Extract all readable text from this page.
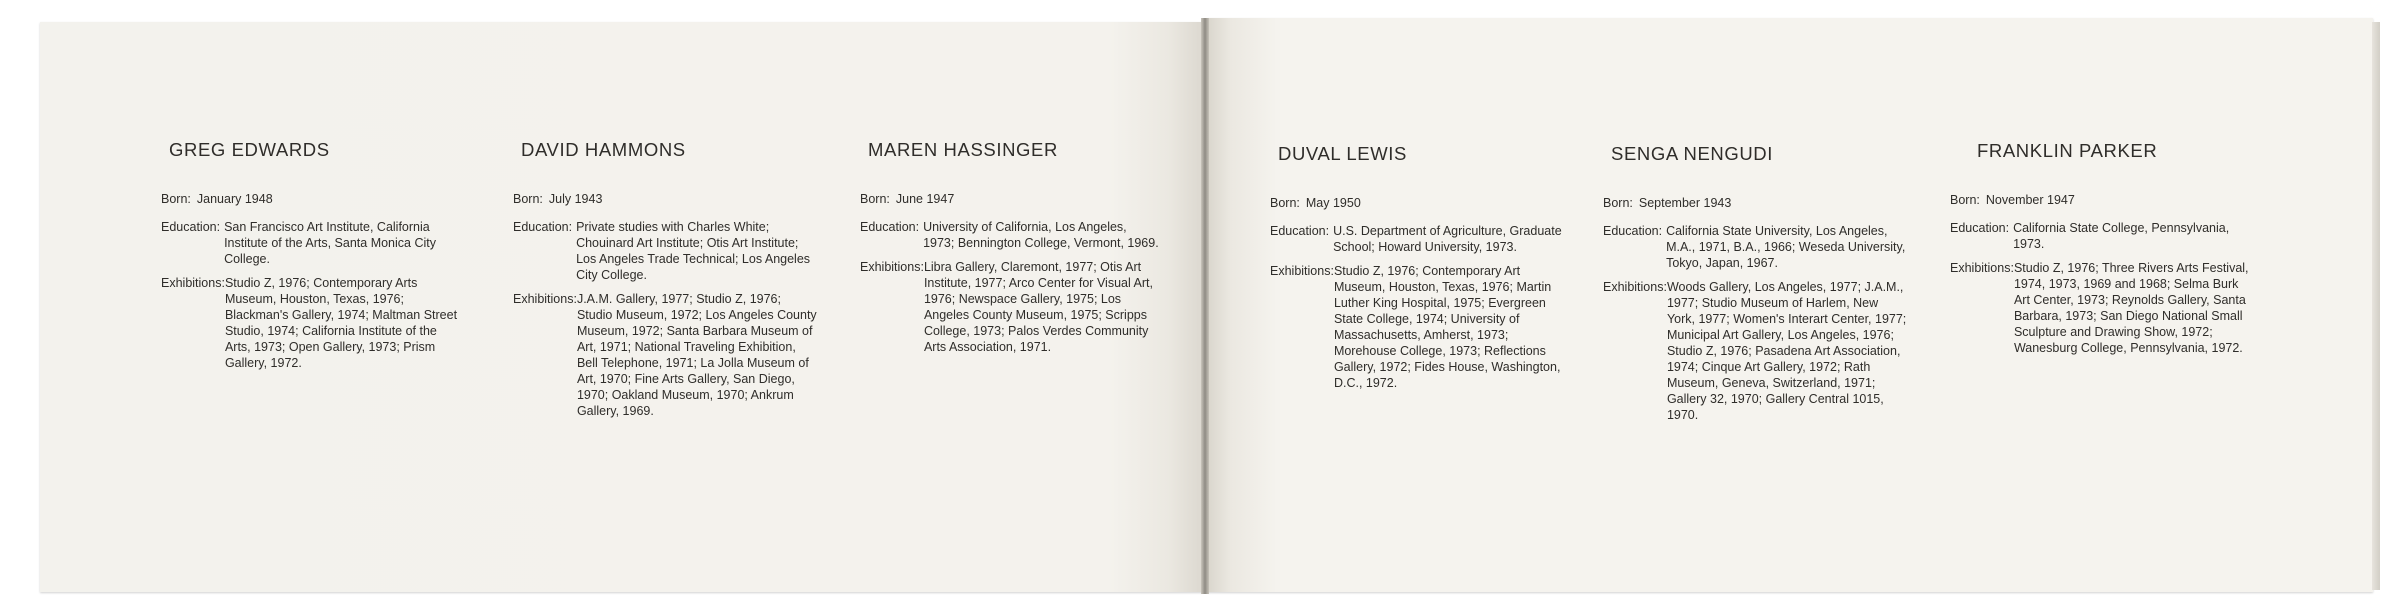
GREG EDWARDS
Born: January 1948
Education: San Francisco Art Institute, California Institute of the Arts, Santa Monica City College.
Exhibitions: Studio Z, 1976; Contemporary Arts Museum, Houston, Texas, 1976; Blackman's Gallery, 1974; Maltman Street Studio, 1974; California Institute of the Arts, 1973; Open Gallery, 1973; Prism Gallery, 1972.
DAVID HAMMONS
Born: July 1943
Education: Private studies with Charles White; Chouinard Art Institute; Otis Art Institute; Los Angeles Trade Technical; Los Angeles City College.
Exhibitions: J.A.M. Gallery, 1977; Studio Z, 1976; Studio Museum, 1972; Los Angeles County Museum, 1972; Santa Barbara Museum of Art, 1971; National Traveling Exhibition, Bell Telephone, 1971; La Jolla Museum of Art, 1970; Fine Arts Gallery, San Diego, 1970; Oakland Museum, 1970; Ankrum Gallery, 1969.
MAREN HASSINGER
Born: June 1947
Education: University of California, Los Angeles, 1973; Bennington College, Vermont, 1969.
Exhibitions: Libra Gallery, Claremont, 1977; Otis Art Institute, 1977; Arco Center for Visual Art, 1976; Newspace Gallery, 1975; Los Angeles County Museum, 1975; Scripps College, 1973; Palos Verdes Community Arts Association, 1971.
DUVAL LEWIS
Born: May 1950
Education: U.S. Department of Agriculture, Graduate School; Howard University, 1973.
Exhibitions: Studio Z, 1976; Contemporary Art Museum, Houston, Texas, 1976; Martin Luther King Hospital, 1975; Evergreen State College, 1974; University of Massachusetts, Amherst, 1973; Morehouse College, 1973; Reflections Gallery, 1972; Fides House, Washington, D.C., 1972.
SENGA NENGUDI
Born: September 1943
Education: California State University, Los Angeles, M.A., 1971, B.A., 1966; Weseda University, Tokyo, Japan, 1967.
Exhibitions: Woods Gallery, Los Angeles, 1977; J.A.M., 1977; Studio Museum of Harlem, New York, 1977; Women's Interart Center, 1977; Municipal Art Gallery, Los Angeles, 1976; Studio Z, 1976; Pasadena Art Association, 1974; Cinque Art Gallery, 1972; Rath Museum, Geneva, Switzerland, 1971; Gallery 32, 1970; Gallery Central 1015, 1970.
FRANKLIN PARKER
Born: November 1947
Education: California State College, Pennsylvania, 1973.
Exhibitions: Studio Z, 1976; Three Rivers Arts Festival, 1974, 1973, 1969 and 1968; Selma Burk Art Center, 1973; Reynolds Gallery, Santa Barbara, 1973; San Diego National Small Sculpture and Drawing Show, 1972; Wanesburg College, Pennsylvania, 1972.
